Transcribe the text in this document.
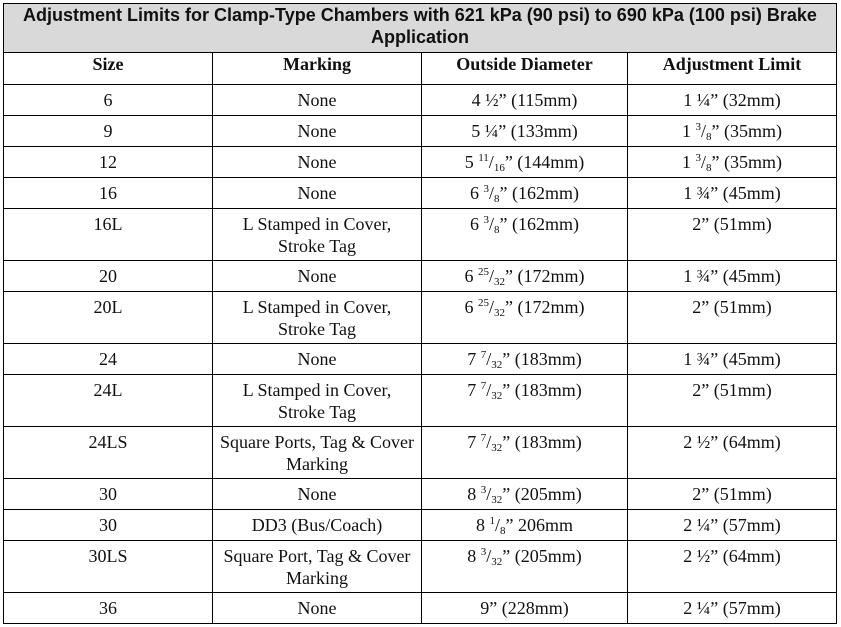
Adjustment Limits for Clamp-Type Chambers with 621 kPa (90 psi) to 690 kPa (100 psi) Brake Application			
Size	Marking	Outside Diameter	Adjustment Limit
6	None	4 ½” (115mm)	1 ¼” (32mm)
9	None	5 ¼” (133mm)	1 $^3/_8$” (35mm)
12	None	5 $^{11}/_{16}$” (144mm)	1 $^3/_8$” (35mm)
16	None	6 $^3/_8$” (162mm)	1 ¾” (45mm)
16L	L Stamped in Cover, Stroke Tag	6 $^3/_8$” (162mm)	2” (51mm)
20	None	6 $^{25}/_{32}$” (172mm)	1 ¾” (45mm)
20L	L Stamped in Cover, Stroke Tag	6 $^{25}/_{32}$” (172mm)	2” (51mm)
24	None	7 $^7/_{32}$” (183mm)	1 ¾” (45mm)
24L	L Stamped in Cover, Stroke Tag	7 $^7/_{32}$” (183mm)	2” (51mm)
24LS	Square Ports, Tag & Cover Marking	7 $^7/_{32}$” (183mm)	2 ½” (64mm)
30	None	8 $^3/_{32}$” (205mm)	2” (51mm)
30	DD3 (Bus/Coach)	8 $^1/_8$” 206mm	2 ¼” (57mm)
30LS	Square Port, Tag & Cover Marking	8 $^3/_{32}$” (205mm)	2 ½” (64mm)
36	None	9” (228mm)	2 ¼” (57mm)
